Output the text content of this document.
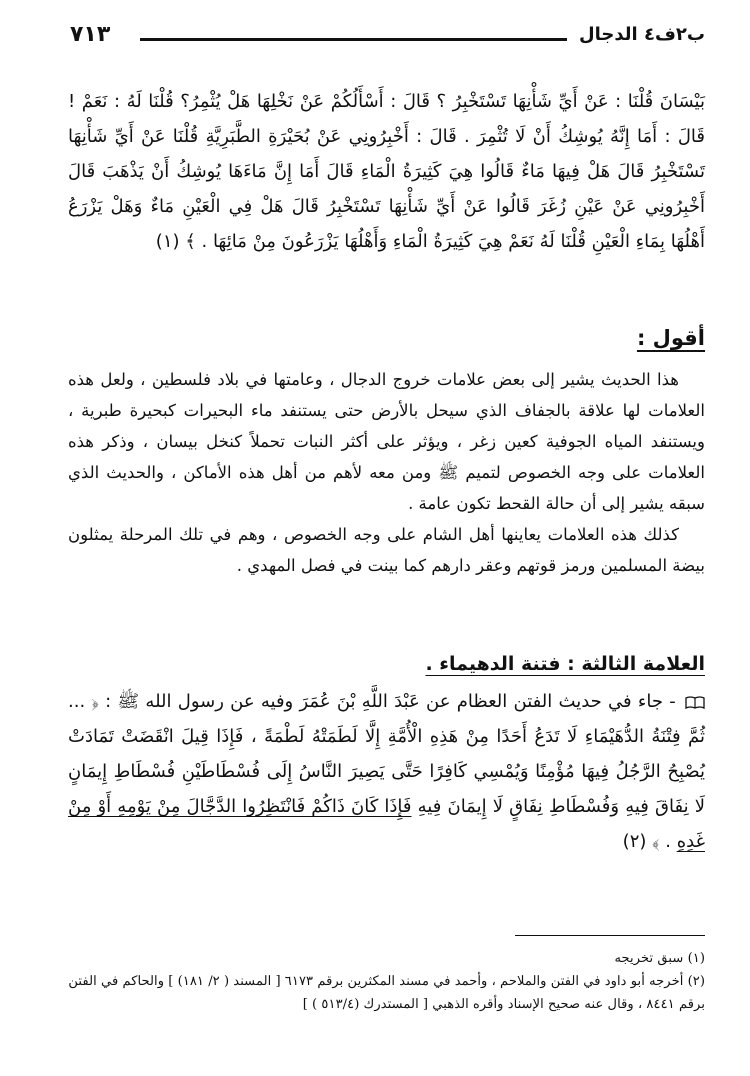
ب٢ف٤ الدجال
٧١٣
بَيْسَانَ قُلْنَا : عَنْ أَيِّ شَأْنِهَا تَسْتَخْبِرُ ؟ قَالَ : أَسْأَلُكُمْ عَنْ نَخْلِهَا هَلْ يُثْمِرُ؟ قُلْنَا لَهُ : نَعَمْ ! قَالَ : أَمَا إِنَّهُ يُوشِكُ أَنْ لَا تُثْمِرَ . قَالَ : أَخْبِرُونِي عَنْ بُحَيْرَةِ الطَّبَرِيَّةِ قُلْنَا عَنْ أَيِّ شَأْنِهَا تَسْتَخْبِرُ قَالَ هَلْ فِيهَا مَاءٌ قَالُوا هِيَ كَثِيرَةُ الْمَاءِ قَالَ أَمَا إِنَّ مَاءَهَا يُوشِكُ أَنْ يَذْهَبَ قَالَ أَخْبِرُونِي عَنْ عَيْنِ زُغَرَ قَالُوا عَنْ أَيِّ شَأْنِهَا تَسْتَخْبِرُ قَالَ هَلْ فِي الْعَيْنِ مَاءٌ وَهَلْ يَزْرَعُ أَهْلُهَا بِمَاءِ الْعَيْنِ قُلْنَا لَهُ نَعَمْ هِيَ كَثِيرَةُ الْمَاءِ وَأَهْلُهَا يَزْرَعُونَ مِنْ مَائِهَا . ﴾ (١)
أقول :

هذا الحديث يشير إلى بعض علامات خروج الدجال ، وعامتها في بلاد فلسطين ، ولعل هذه العلامات لها علاقة بالجفاف الذي سيحل بالأرض حتى يستنفد ماء البحيرات كبحيرة طبرية ، ويستنفد المياه الجوفية كعين زغر ، ويؤثر على أكثر النبات تحملاً كنخل بيسان ، وذكر هذه العلامات على وجه الخصوص لتميم ﷺ ومن معه لأهم من أهل هذه الأماكن ، والحديث الذي سبقه يشير إلى أن حالة القحط تكون عامة .

كذلك هذه العلامات يعاينها أهل الشام على وجه الخصوص ، وهم في تلك المرحلة يمثلون بيضة المسلمين ورمز قوتهم وعقر دارهم كما بينت في فصل المهدي .

العلامة الثالثة : فتنة الدهيماء .
- جاء في حديث الفتن العظام عن عَبْدَ اللَّهِ بْنَ عُمَرَ وفيه عن رسول الله ﷺ : ﴿ ... ثُمَّ فِتْنَةُ الدُّهَيْمَاءِ لَا تَدَعُ أَحَدًا مِنْ هَذِهِ الْأُمَّةِ إِلَّا لَطَمَتْهُ لَطْمَةً ، فَإِذَا قِيلَ انْقَضَتْ تَمَادَتْ يُصْبِحُ الرَّجُلُ فِيهَا مُؤْمِنًا وَيُمْسِي كَافِرًا حَتَّى يَصِيرَ النَّاسُ إِلَى فُسْطَاطَيْنِ فُسْطَاطِ إِيمَانٍ لَا نِفَاقَ فِيهِ وَفُسْطَاطِ نِفَاقٍ لَا إِيمَانَ فِيهِ فَإِذَا كَانَ ذَاكُمْ فَانْتَظِرُوا الدَّجَّالَ مِنْ يَوْمِهِ أَوْ مِنْ غَدِهِ . ﴾ (٢)
(١) سبق تخريجه
(٢) أخرجه أبو داود في الفتن والملاحم ، وأحمد في مسند المكثرين برقم ٦١٧٣ [ المسند ( ٢/ ١٨١) ] والحاكم في الفتن برقم ٨٤٤١ ، وقال عنه صحيح الإسناد وأقره الذهبي [ المستدرك (٥١٣/٤ ) ]
